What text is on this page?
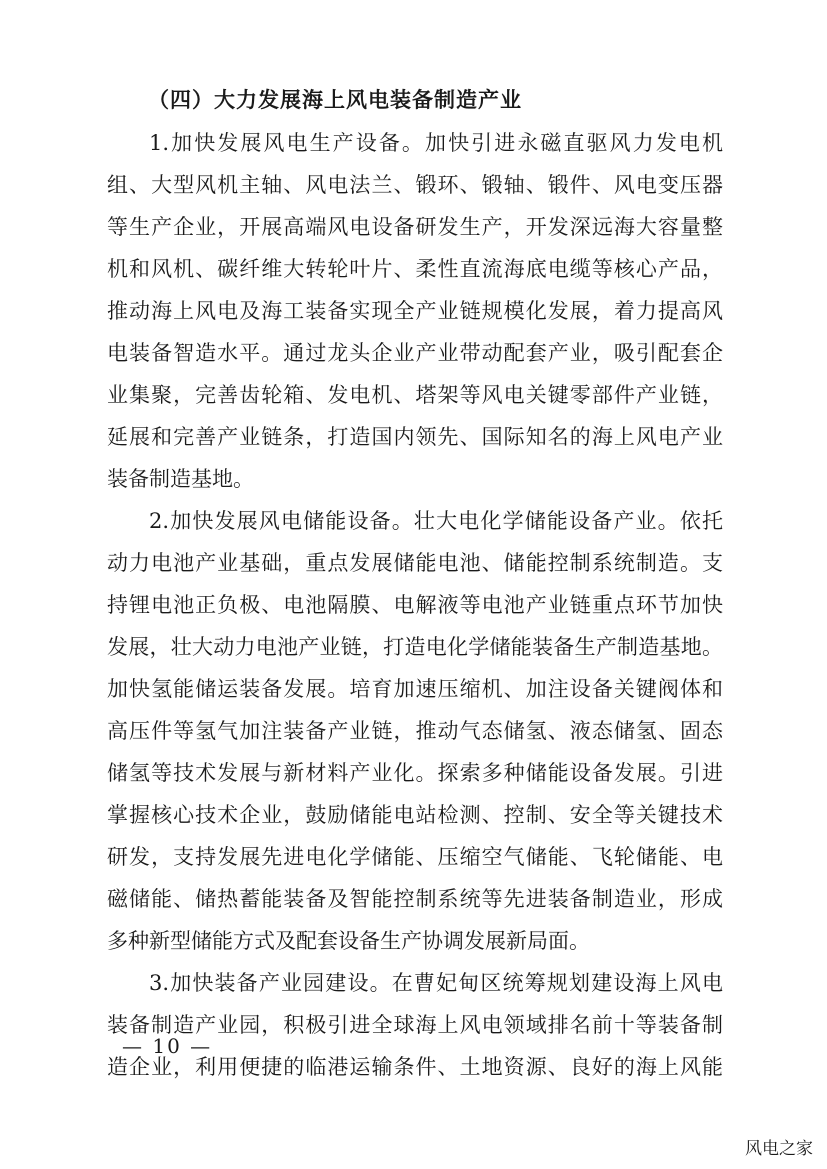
（四）大力发展海上风电装备制造产业
1.加快发展风电生产设备。加快引进永磁直驱风力发电机
组、大型风机主轴、风电法兰、锻环、锻轴、锻件、风电变压器
等生产企业，开展高端风电设备研发生产，开发深远海大容量整
机和风机、碳纤维大转轮叶片、柔性直流海底电缆等核心产品，
推动海上风电及海工装备实现全产业链规模化发展，着力提高风
电装备智造水平。通过龙头企业产业带动配套产业，吸引配套企
业集聚，完善齿轮箱、发电机、塔架等风电关键零部件产业链，
延展和完善产业链条，打造国内领先、国际知名的海上风电产业
装备制造基地。
2.加快发展风电储能设备。壮大电化学储能设备产业。依托
动力电池产业基础，重点发展储能电池、储能控制系统制造。支
持锂电池正负极、电池隔膜、电解液等电池产业链重点环节加快
发展，壮大动力电池产业链，打造电化学储能装备生产制造基地。
加快氢能储运装备发展。培育加速压缩机、加注设备关键阀体和
高压件等氢气加注装备产业链，推动气态储氢、液态储氢、固态
储氢等技术发展与新材料产业化。探索多种储能设备发展。引进
掌握核心技术企业，鼓励储能电站检测、控制、安全等关键技术
研发，支持发展先进电化学储能、压缩空气储能、飞轮储能、电
磁储能、储热蓄能装备及智能控制系统等先进装备制造业，形成
多种新型储能方式及配套设备生产协调发展新局面。
3.加快装备产业园建设。在曹妃甸区统筹规划建设海上风电
装备制造产业园，积极引进全球海上风电领域排名前十等装备制
造企业，利用便捷的临港运输条件、土地资源、良好的海上风能
— 10 —
风电之家
